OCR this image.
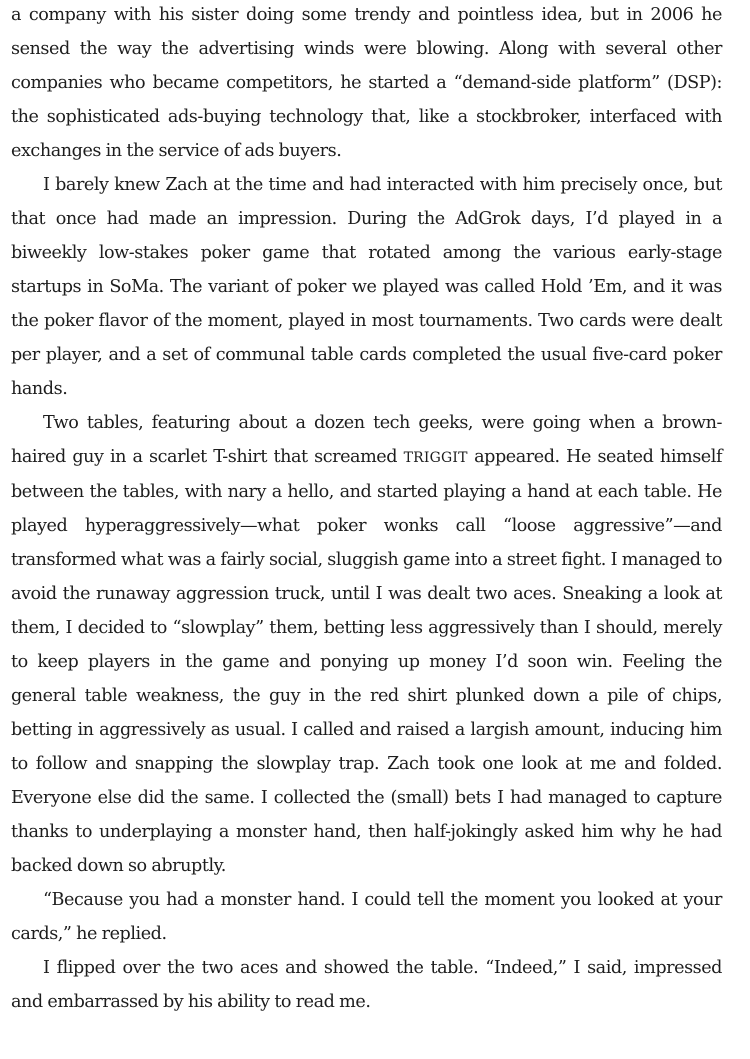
a company with his sister doing some trendy and pointless idea, but in 2006 he sensed the way the advertising winds were blowing. Along with several other companies who became competitors, he started a “demand-side platform” (DSP): the sophisticated ads-buying technology that, like a stockbroker, interfaced with exchanges in the service of ads buyers.

I barely knew Zach at the time and had interacted with him precisely once, but that once had made an impression. During the AdGrok days, I’d played in a biweekly low-stakes poker game that rotated among the various early-stage startups in SoMa. The variant of poker we played was called Hold ’Em, and it was the poker flavor of the moment, played in most tournaments. Two cards were dealt per player, and a set of communal table cards completed the usual five-card poker hands.

Two tables, featuring about a dozen tech geeks, were going when a brown-haired guy in a scarlet T-shirt that screamed TRIGGIT appeared. He seated himself between the tables, with nary a hello, and started playing a hand at each table. He played hyperaggressively—what poker wonks call “loose aggressive”—and transformed what was a fairly social, sluggish game into a street fight. I managed to avoid the runaway aggression truck, until I was dealt two aces. Sneaking a look at them, I decided to “slowplay” them, betting less aggressively than I should, merely to keep players in the game and ponying up money I’d soon win. Feeling the general table weakness, the guy in the red shirt plunked down a pile of chips, betting in aggressively as usual. I called and raised a largish amount, inducing him to follow and snapping the slowplay trap. Zach took one look at me and folded. Everyone else did the same. I collected the (small) bets I had managed to capture thanks to underplaying a monster hand, then half-jokingly asked him why he had backed down so abruptly.

“Because you had a monster hand. I could tell the moment you looked at your cards,” he replied.

I flipped over the two aces and showed the table. “Indeed,” I said, impressed and embarrassed by his ability to read me.
